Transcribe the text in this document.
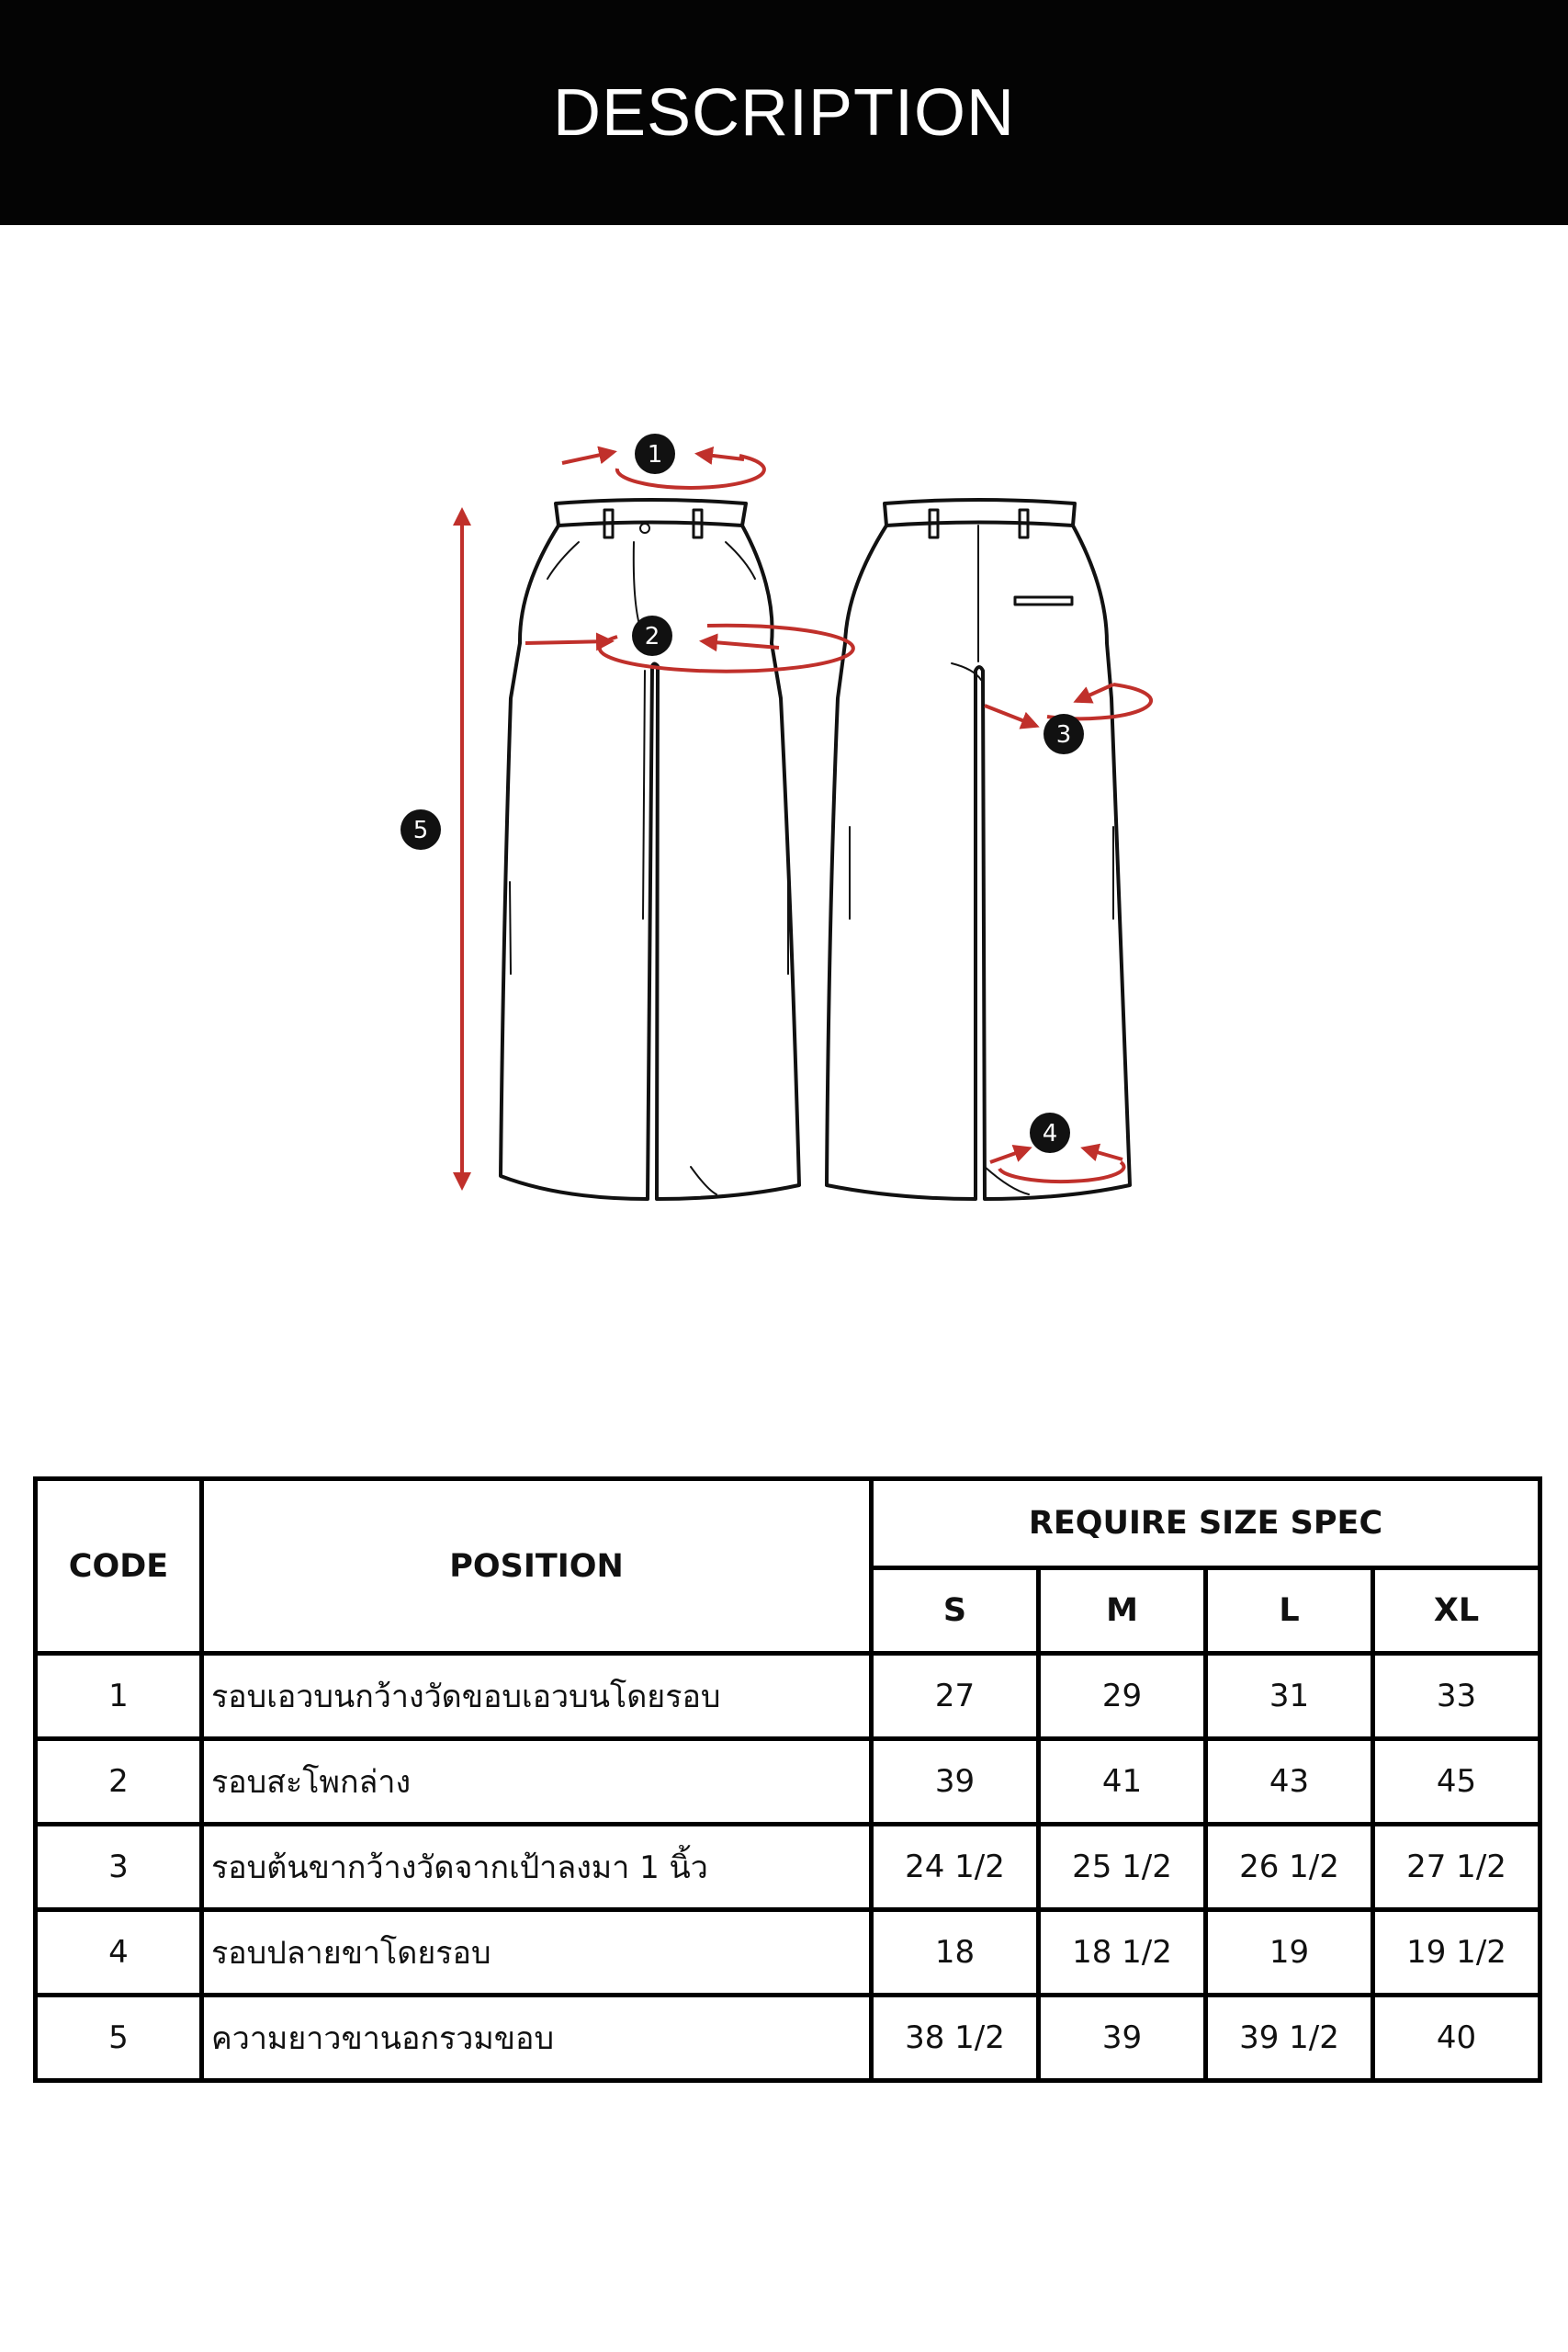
DESCRIPTION
1
2
3
4
5
CODE	POSITION	REQUIRE SIZE SPEC			
		S	M	L	XL
1	รอบเอวบนกว้างวัดขอบเอวบนโดยรอบ	27	29	31	33
2	รอบสะโพกล่าง	39	41	43	45
3	รอบต้นขากว้างวัดจากเป้าลงมา 1 นิ้ว	24 1/2	25 1/2	26 1/2	27 1/2
4	รอบปลายขาโดยรอบ	18	18 1/2	19	19 1/2
5	ความยาวขานอกรวมขอบ	38 1/2	39	39 1/2	40
